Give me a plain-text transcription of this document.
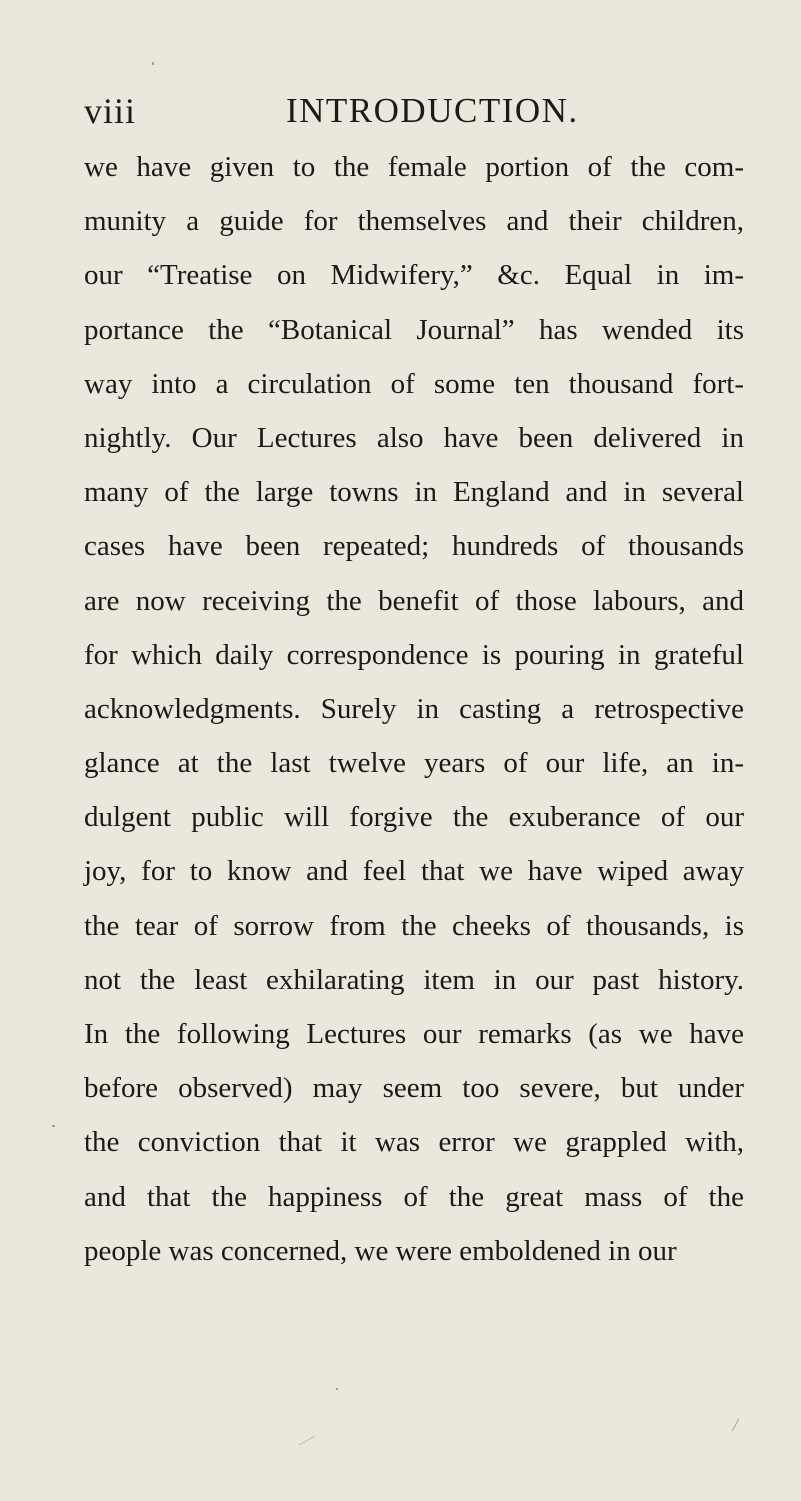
viii	INTRODUCTION.
we have given to the female portion of the com-
munity a guide for themselves and their children,
our “Treatise on Midwifery,” &c. Equal in im-
portance the “Botanical Journal” has wended its
way into a circulation of some ten thousand fort-
nightly. Our Lectures also have been delivered in
many of the large towns in England and in several
cases have been repeated; hundreds of thousands
are now receiving the benefit of those labours, and
for which daily correspondence is pouring in grateful
acknowledgments. Surely in casting a retrospective
glance at the last twelve years of our life, an in-
dulgent public will forgive the exuberance of our
joy, for to know and feel that we have wiped away
the tear of sorrow from the cheeks of thousands, is
not the least exhilarating item in our past history.
In the following Lectures our remarks (as we have
before observed) may seem too severe, but under
the conviction that it was error we grappled with,
and that the happiness of the great mass of the
people was concerned, we were emboldened in our
